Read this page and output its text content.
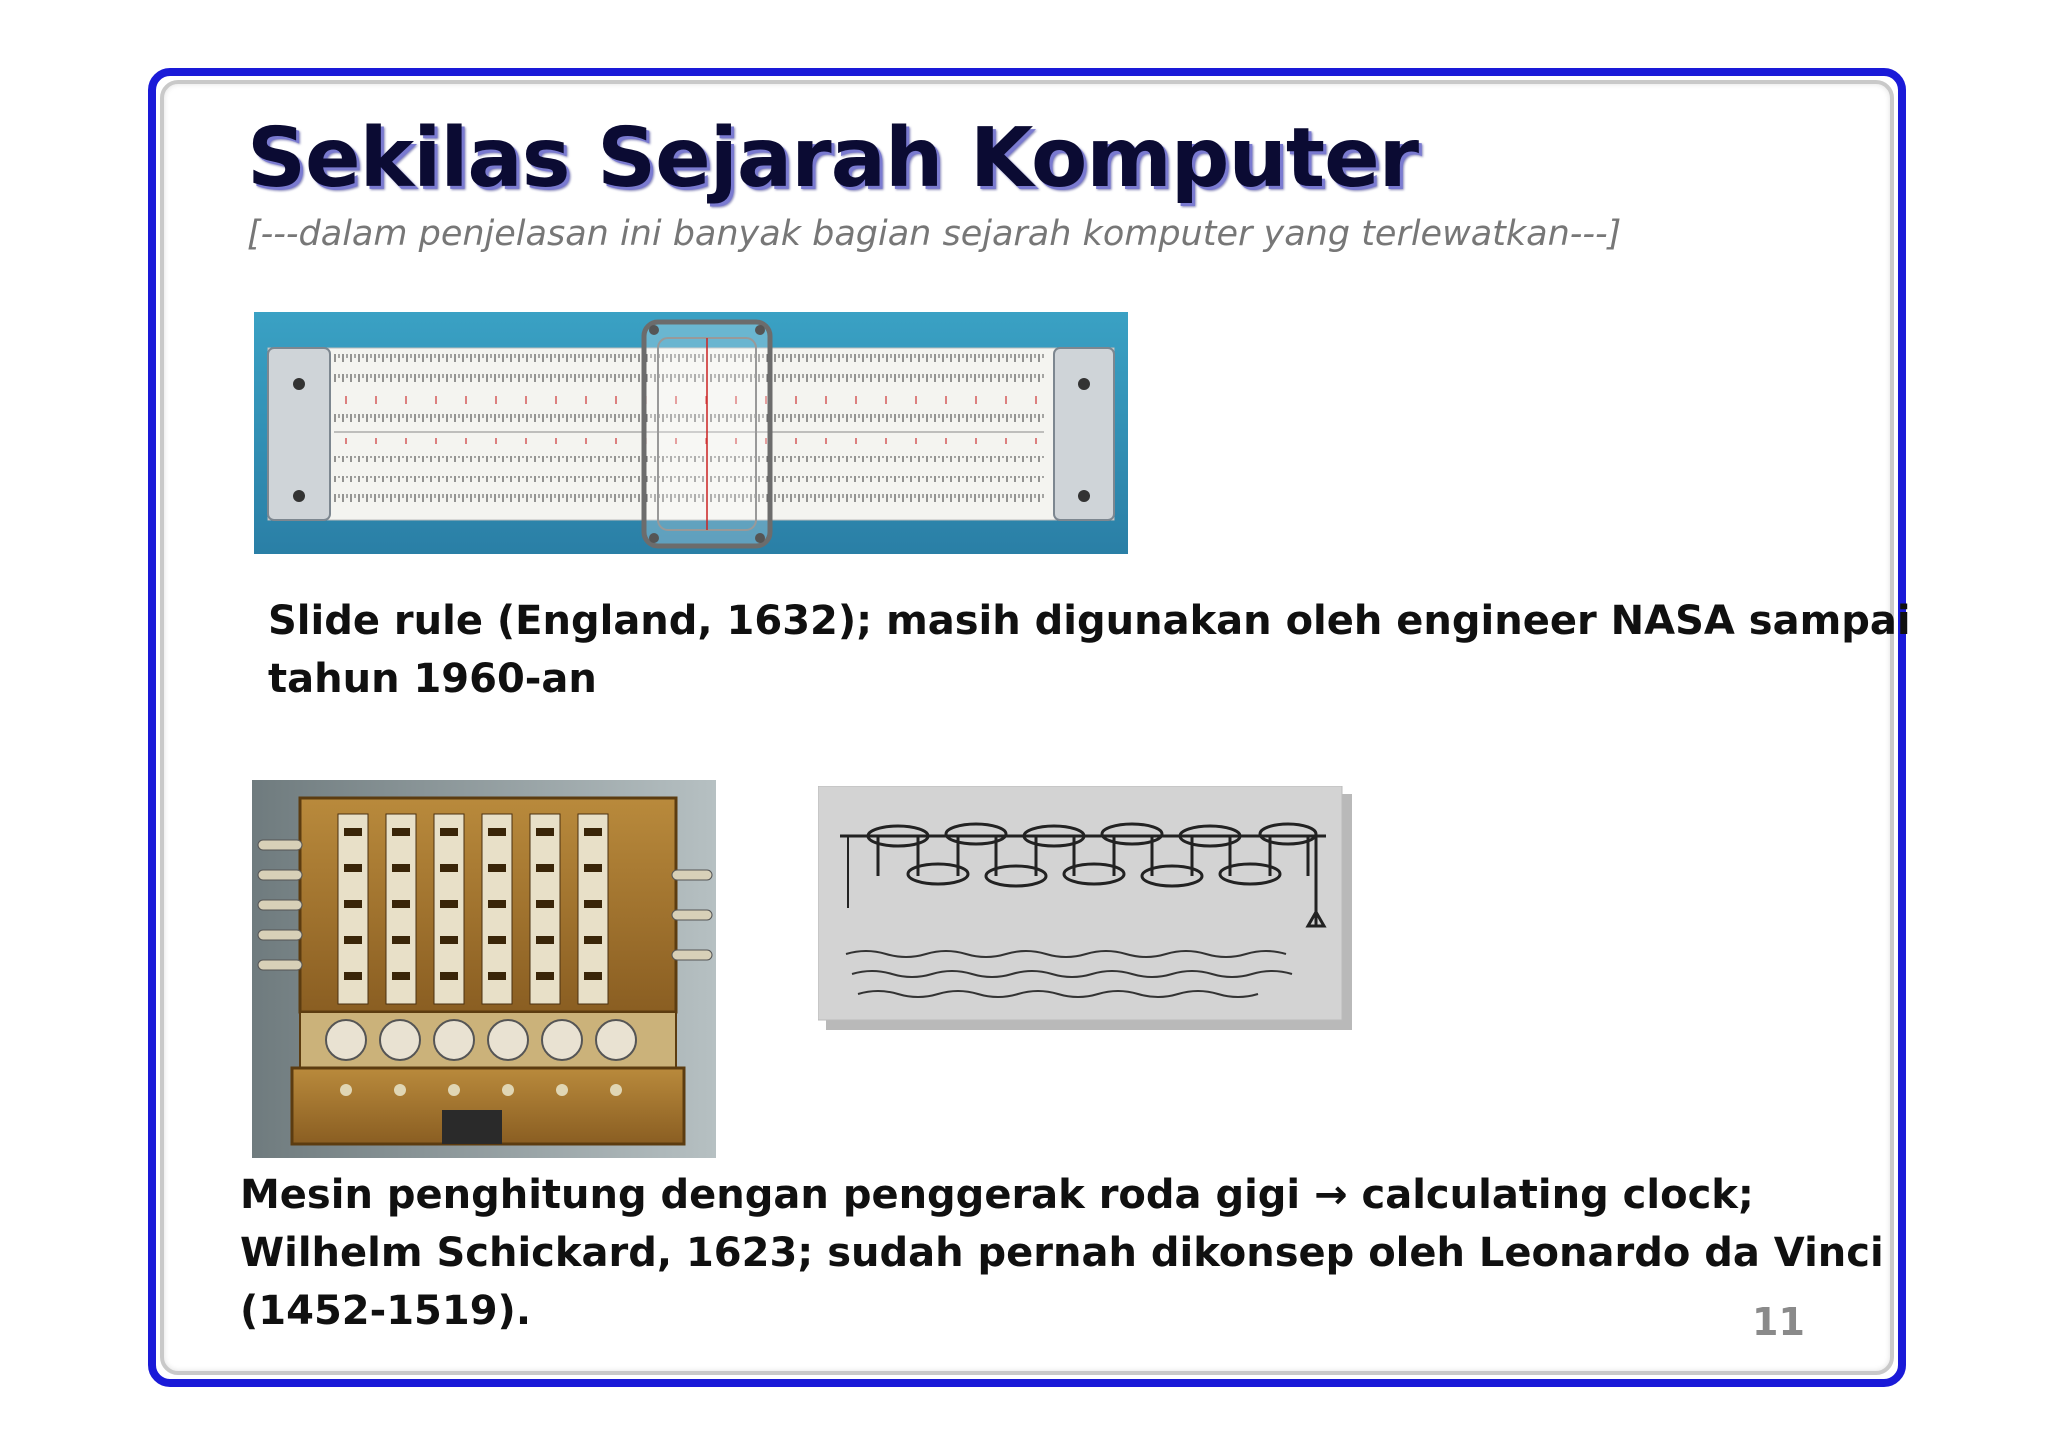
Sekilas Sejarah Komputer
[---dalam penjelasan ini banyak bagian sejarah komputer yang terlewatkan---]
Slide rule (England, 1632); masih digunakan oleh engineer NASA sampai
tahun 1960-an
Mesin penghitung dengan penggerak roda gigi → calculating clock;
Wilhelm Schickard, 1623; sudah pernah dikonsep oleh Leonardo da Vinci
(1452-1519).	11
